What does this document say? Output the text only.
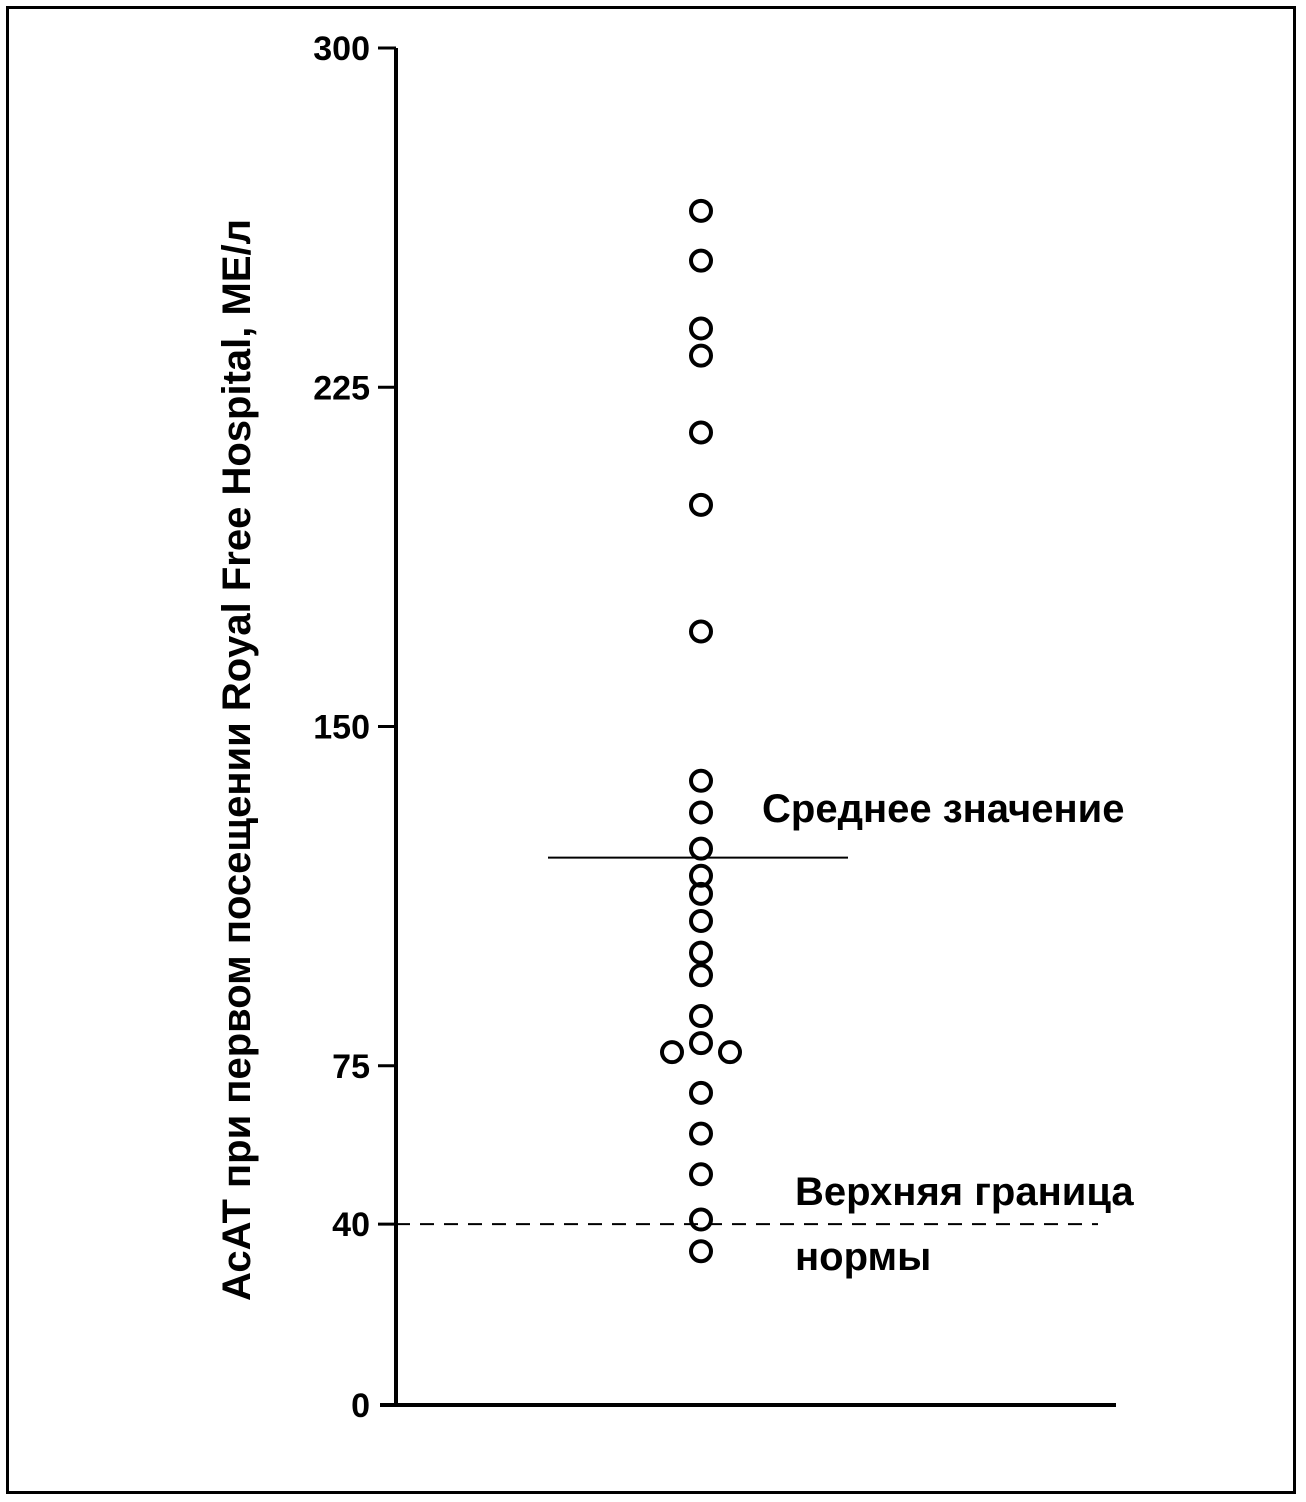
0
40
75
150
225
300
Среднее значение
Верхняя граница
нормы
АсАТ при первом посещении Royal Free Hospital, МЕ/л
